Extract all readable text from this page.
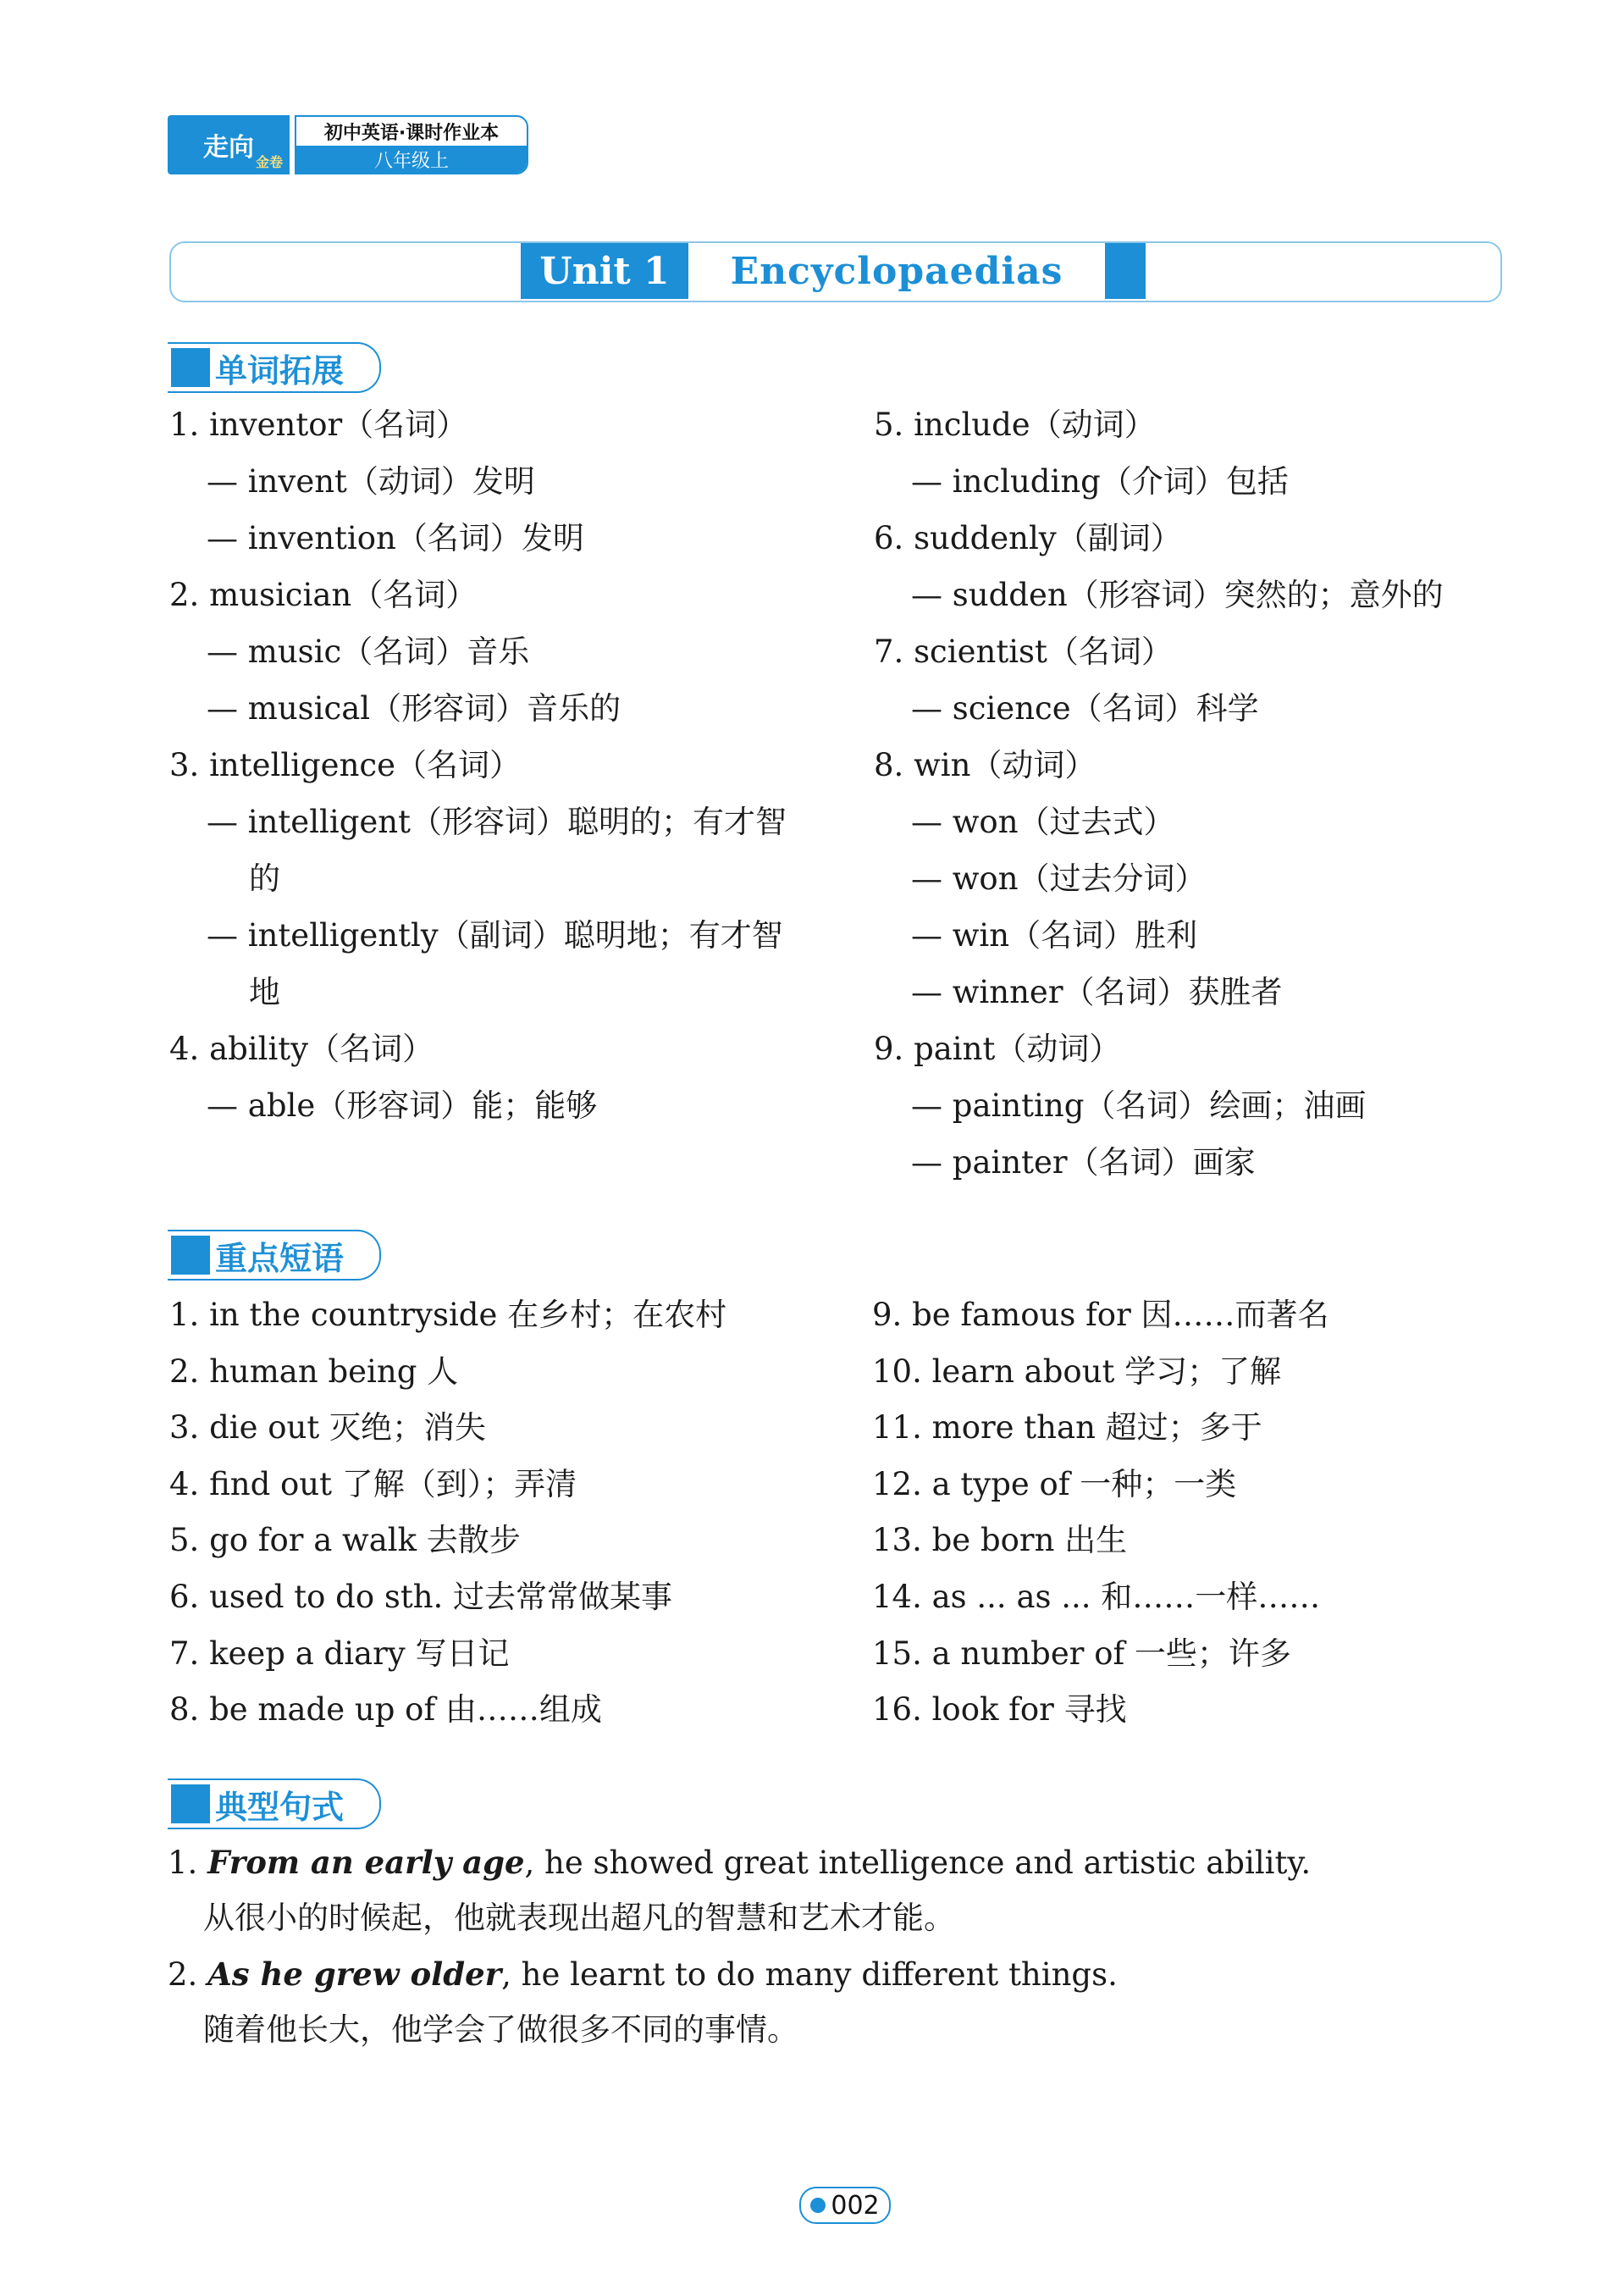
走向 金卷
初中英语·课时作业本
八年级上
Unit 1	Encyclopaedias
单词拓展
1. inventor（名词）
— invent（动词）发明
— invention（名词）发明
2. musician（名词）
— music（名词）音乐
— musical（形容词）音乐的
3. intelligence（名词）
— intelligent（形容词）聪明的；有才智
的
— intelligently（副词）聪明地；有才智
地
4. ability（名词）
— able（形容词）能；能够
5. include（动词）
— including（介词）包括
6. suddenly（副词）
— sudden（形容词）突然的；意外的
7. scientist（名词）
— science（名词）科学
8. win（动词）
— won（过去式）
— won（过去分词）
— win（名词）胜利
— winner（名词）获胜者
9. paint（动词）
— painting（名词）绘画；油画
— painter（名词）画家
重点短语
1. in the countryside 在乡村；在农村
2. human being 人
3. die out 灭绝；消失
4. find out 了解（到）；弄清
5. go for a walk 去散步
6. used to do sth. 过去常常做某事
7. keep a diary 写日记
8. be made up of 由……组成
9. be famous for 因……而著名
10. learn about 学习；了解
11. more than 超过；多于
12. a type of 一种；一类
13. be born 出生
14. as ... as ... 和……一样……
15. a number of 一些；许多
16. look for 寻找
典型句式
1. From an early age, he showed great intelligence and artistic ability.
从很小的时候起，他就表现出超凡的智慧和艺术才能。
2. As he grew older, he learnt to do many different things.
随着他长大，他学会了做很多不同的事情。
002
